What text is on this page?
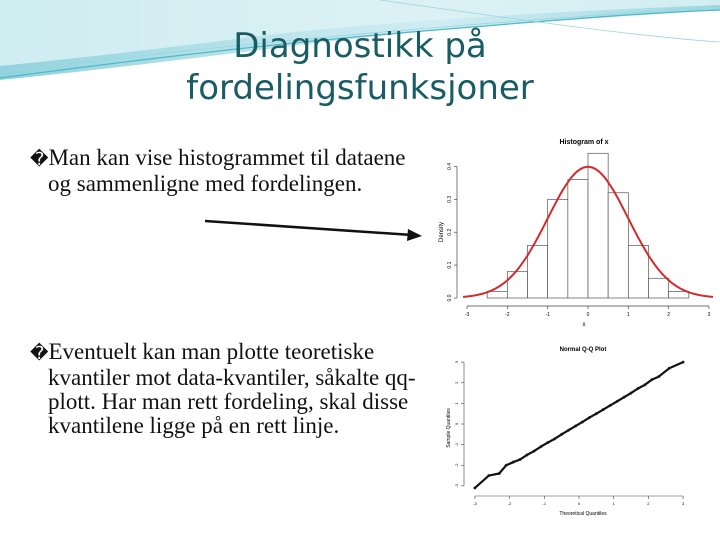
Diagnostikk på fordelingsfunksjoner
�Man kan vise histogrammet til dataene og sammenligne med fordelingen.
�Eventuelt kan man plotte teoretiske kvantiler mot data-kvantiler, såkalte qq-plott. Har man rett fordeling, skal disse kvantilene ligge på en rett linje.
Histogram of x
Density
x
0.0
0.1
0.2
0.3
0.4
-3	-2	-1	0	1	2	3
Normal Q-Q Plot
Sample Quantiles
Theoretical Quantiles
-3
-2
-1
0
1
2
3
-3	-2	-1	0	1	2	3
